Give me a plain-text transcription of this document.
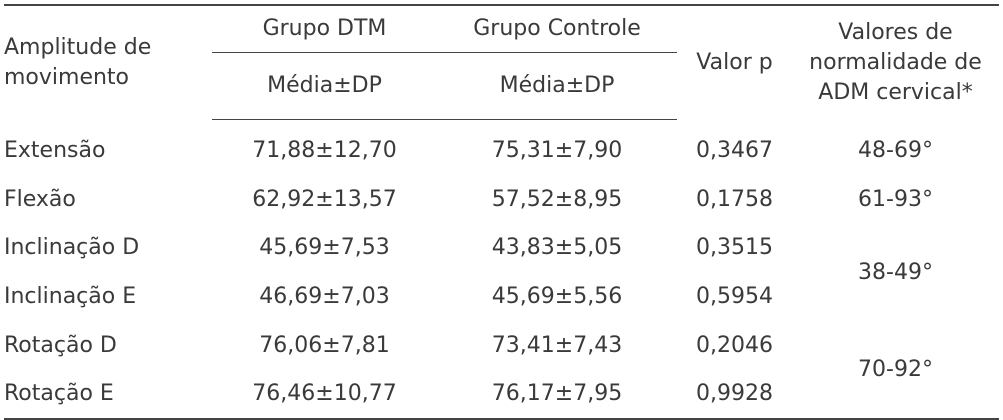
Amplitude de
movimento	Grupo DTM	Grupo Controle	Valor p	Valores de
normalidade de
ADM cervical*
	Média±DP	Média±DP		
Extensão	71,88±12,70	75,31±7,90	0,3467	48-69°
Flexão	62,92±13,57	57,52±8,95	0,1758	61-93°
Inclinação D	45,69±7,53	43,83±5,05	0,3515	38-49°
Inclinação E	46,69±7,03	45,69±5,56	0,5954	
Rotação D	76,06±7,81	73,41±7,43	0,2046	70-92°
Rotação E	76,46±10,77	76,17±7,95	0,9928	
